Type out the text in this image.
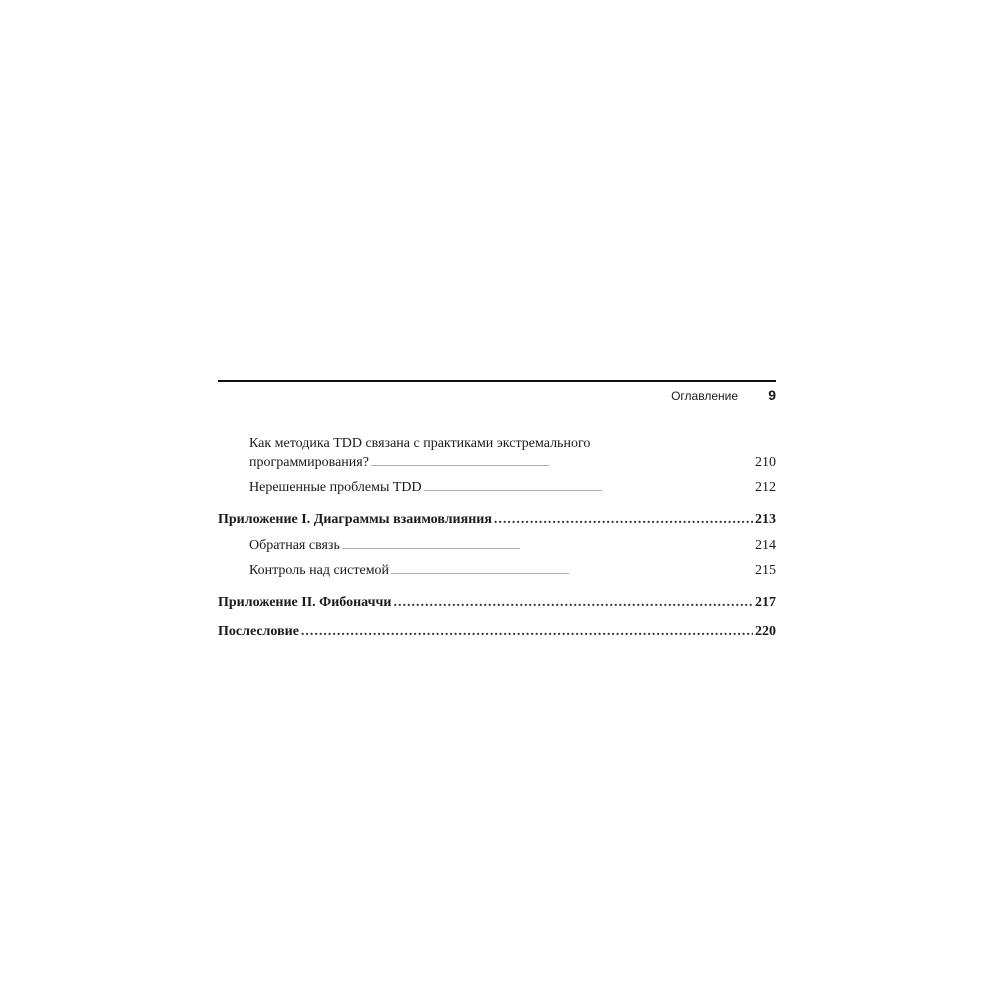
Оглавление 9
Как методика TDD связана с практиками экстремального
программирования? . . .	210
Нерешенные проблемы TDD . . .	212
Приложение I. Диаграммы взаимовлияния .....	213
Обратная связь . . .	214
Контроль над системой . . .	215
Приложение II. Фибоначчи .....	217
Послесловие .....	220
